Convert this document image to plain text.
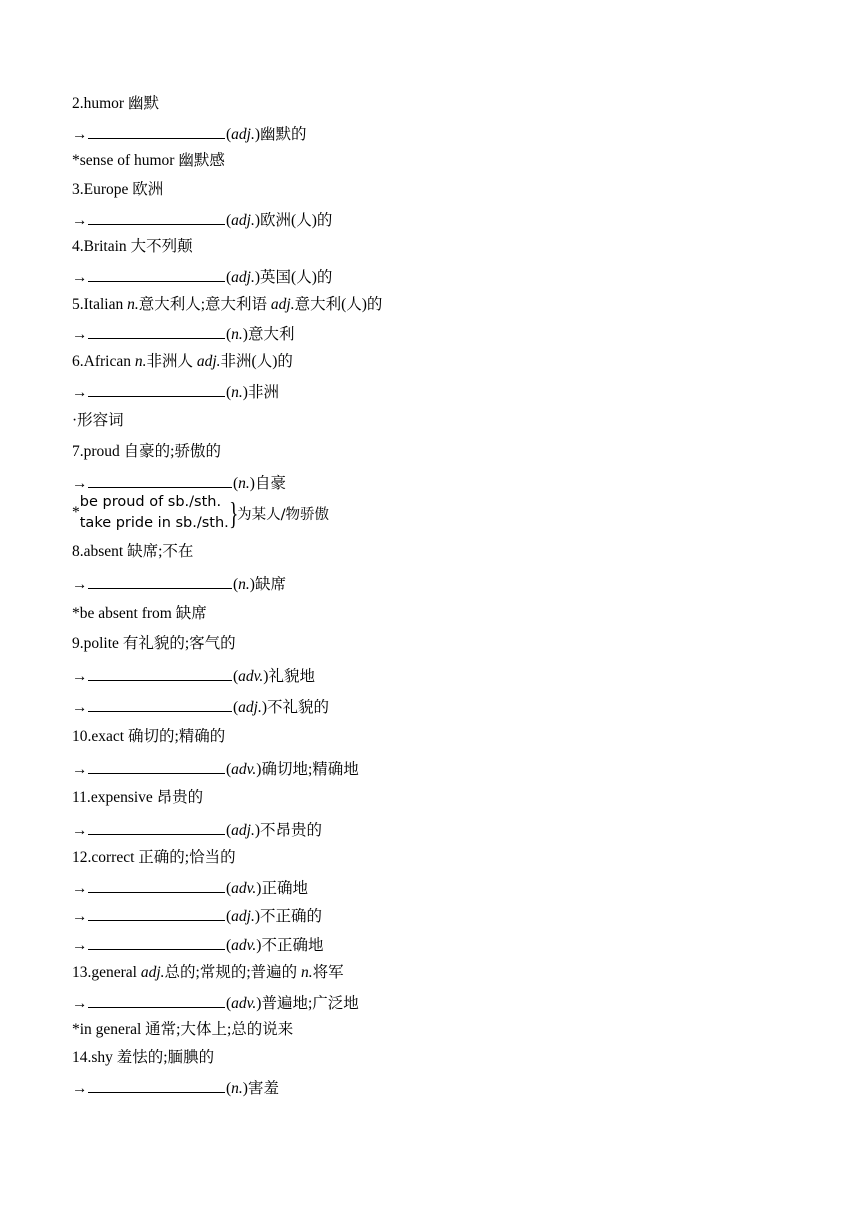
2.humor 幽默
→	(adj.)幽默的
*sense of humor 幽默感
3.Europe 欧洲
→	(adj.)欧洲(人)的
4.Britain 大不列颠
→	(adj.)英国(人)的
5.Italian n.意大利人;意大利语 adj.意大利(人)的
→	(n.)意大利
6.African n.非洲人 adj.非洲(人)的
→	(n.)非洲
·形容词
7.proud 自豪的;骄傲的
→	(n.)自豪
*be proud of sb./sth.
take pride in sb./sth.}为某人/物骄傲
8.absent 缺席;不在
→	(n.)缺席
*be absent from 缺席
9.polite 有礼貌的;客气的
→	(adv.)礼貌地
→	(adj.)不礼貌的
10.exact 确切的;精确的
→	(adv.)确切地;精确地
11.expensive 昂贵的
→	(adj.)不昂贵的
12.correct 正确的;恰当的
→	(adv.)正确地
→	(adj.)不正确的
→	(adv.)不正确地
13.general adj.总的;常规的;普遍的 n.将军
→	(adv.)普遍地;广泛地
*in general 通常;大体上;总的说来
14.shy 羞怯的;腼腆的
→	(n.)害羞
